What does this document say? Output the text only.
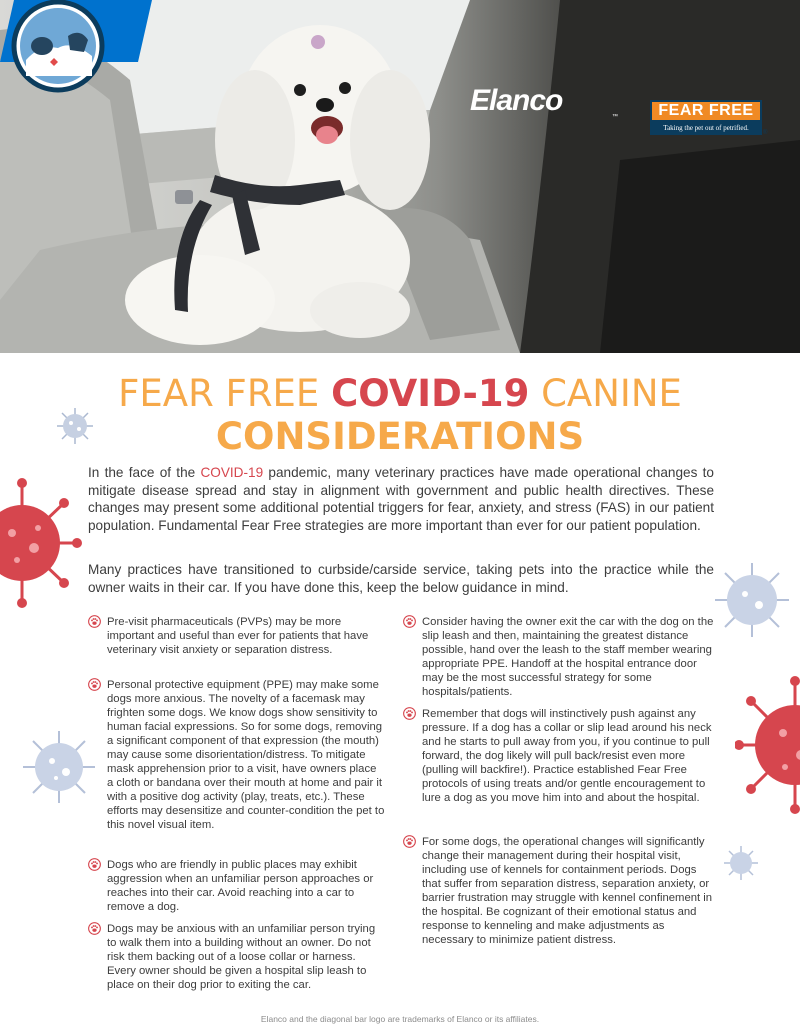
Elanco	™	FEAR FREE
Taking the pet out of petrified.
®
FEAR FREE COVID-19 CANINE
CONSIDERATIONS

In the face of the COVID-19 pandemic, many veterinary practices have made operational changes to mitigate disease spread and stay in alignment with government and public health directives. These changes may present some additional potential triggers for fear, anxiety, and stress (FAS) in our patient population. Fundamental Fear Free strategies are more important than ever for our patient population.

Many practices have transitioned to curbside/carside service, taking pets into the practice while the owner waits in their car. If you have done this, keep the below guidance in mind.

Pre-visit pharmaceuticals (PVPs) may be more important and useful than ever for patients that have veterinary visit anxiety or separation distress.
Personal protective equipment (PPE) may make some dogs more anxious. The novelty of a facemask may frighten some dogs. We know dogs show sensitivity to human facial expressions. So for some dogs, removing a significant component of that expression (the mouth) may cause some disorientation/distress. To mitigate mask apprehension prior to a visit, have owners place a cloth or bandana over their mouth at home and pair it with a positive dog activity (play, treats, etc.). These efforts may desensitize and counter-condition the pet to this novel visual item.
Dogs who are friendly in public places may exhibit aggression when an unfamiliar person approaches or reaches into their car. Avoid reaching into a car to remove a dog.
Dogs may be anxious with an unfamiliar person trying to walk them into a building without an owner. Do not risk them backing out of a loose collar or harness. Every owner should be given a hospital slip leash to place on their dog prior to exiting the car.
Consider having the owner exit the car with the dog on the slip leash and then, maintaining the greatest distance possible, hand over the leash to the staff member wearing appropriate PPE. Handoff at the hospital entrance door may be the most successful strategy for some hospitals/patients.
Remember that dogs will instinctively push against any pressure. If a dog has a collar or slip lead around his neck and he starts to pull away from you, if you continue to pull forward, the dog likely will pull back/resist even more (pulling will backfire!). Practice established Fear Free protocols of using treats and/or gentle encouragement to lure a dog as you move him into and about the hospital.
For some dogs, the operational changes will significantly change their management during their hospital visit, including use of kennels for containment periods. Dogs that suffer from separation distress, separation anxiety, or barrier frustration may struggle with kennel confinement in the hospital. Be cognizant of their emotional status and response to kenneling and make adjustments as necessary to minimize patient distress.
Elanco and the diagonal bar logo are trademarks of Elanco or its affiliates.
